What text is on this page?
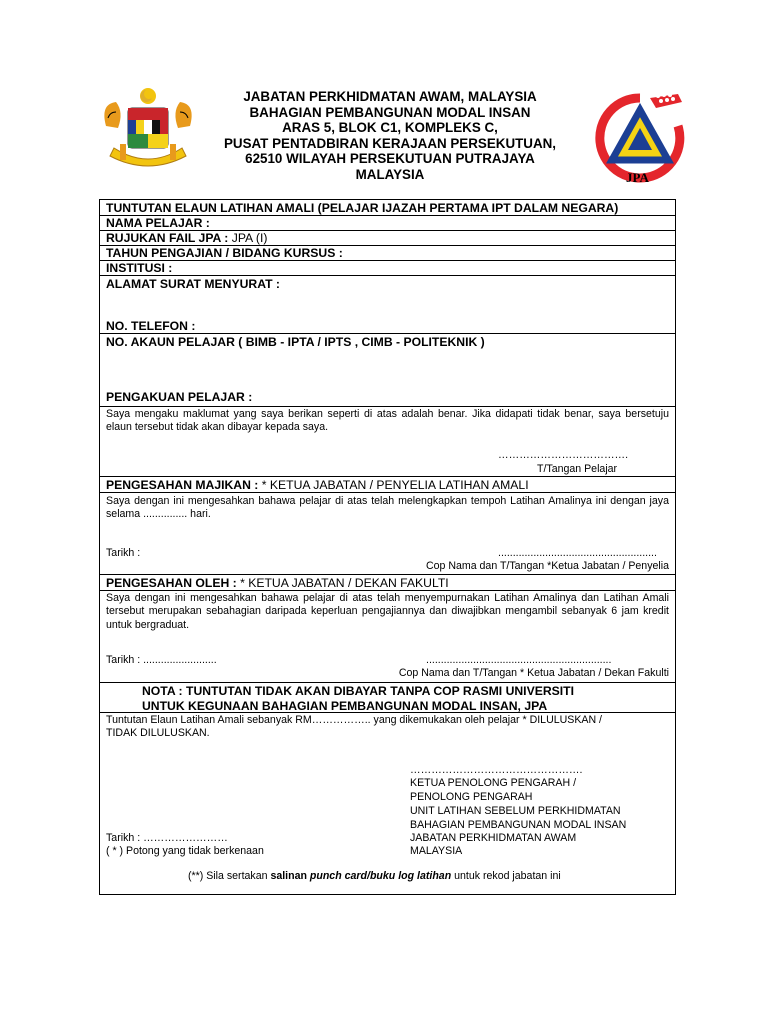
JABATAN PERKHIDMATAN AWAM, MALAYSIA
BAHAGIAN PEMBANGUNAN MODAL INSAN
ARAS 5, BLOK C1, KOMPLEKS C,
PUSAT PENTADBIRAN KERAJAAN PERSEKUTUAN,
62510 WILAYAH PERSEKUTUAN PUTRAJAYA
MALAYSIA	JPA
TUNTUTAN ELAUN LATIHAN AMALI (PELAJAR IJAZAH PERTAMA IPT DALAM NEGARA)
NAMA PELAJAR :
RUJUKAN FAIL JPA : JPA (I)
TAHUN PENGAJIAN / BIDANG KURSUS :
INSTITUSI :
ALAMAT SURAT MENYURAT :
NO. TELEFON :
NO. AKAUN PELAJAR ( BIMB - IPTA / IPTS , CIMB - POLITEKNIK )
PENGAKUAN PELAJAR :
Saya mengaku maklumat yang saya berikan seperti di atas adalah benar. Jika didapati tidak benar, saya bersetuju elaun tersebut tidak akan dibayar kepada saya.
……………………………….
T/Tangan Pelajar
PENGESAHAN MAJIKAN : * KETUA JABATAN / PENYELIA LATIHAN AMALI
Saya dengan ini mengesahkan bahawa pelajar di atas telah melengkapkan tempoh Latihan Amalinya ini dengan jaya selama ............... hari.
Tarikh :	......................................................
Cop Nama dan T/Tangan *Ketua Jabatan / Penyelia
PENGESAHAN OLEH : * KETUA JABATAN / DEKAN FAKULTI
Saya dengan ini mengesahkan bahawa pelajar di atas telah menyempurnakan Latihan Amalinya dan Latihan Amali tersebut merupakan sebahagian daripada keperluan pengajiannya dan diwajibkan mengambil sebanyak 6 jam kredit untuk bergraduat.
Tarikh : .........................	...............................................................
Cop Nama dan T/Tangan * Ketua Jabatan / Dekan Fakulti
NOTA : TUNTUTAN TIDAK AKAN DIBAYAR TANPA COP RASMI UNIVERSITI
UNTUK KEGUNAAN BAHAGIAN PEMBANGUNAN MODAL INSAN, JPA
Tuntutan Elaun Latihan Amali sebanyak RM…………….. yang dikemukakan oleh pelajar * DILULUSKAN /
TIDAK DILULUSKAN.
………………………………………….
KETUA PENOLONG PENGARAH /
PENOLONG PENGARAH
UNIT LATIHAN SEBELUM PERKHIDMATAN
BAHAGIAN PEMBANGUNAN MODAL INSAN
JABATAN PERKHIDMATAN AWAM
MALAYSIA
Tarikh : ……………………
( * ) Potong yang tidak berkenaan
(**) Sila sertakan salinan punch card/buku log latihan untuk rekod jabatan ini
